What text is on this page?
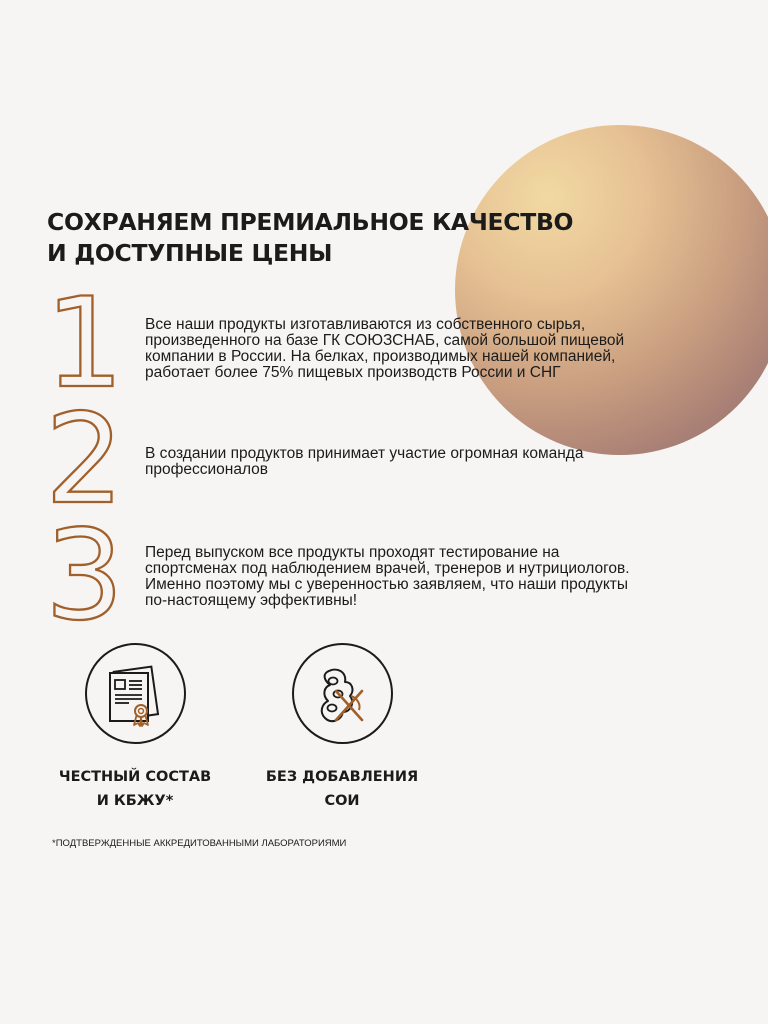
СОХРАНЯЕМ ПРЕМИАЛЬНОЕ КАЧЕСТВО
И ДОСТУПНЫЕ ЦЕНЫ
1 Все наши продукты изготавливаются из собственного сырья,
произведенного на базе ГК СОЮЗСНАБ, самой большой пищевой
компании в России. На белках, производимых нашей компанией,
работает более 75% пищевых производств России и СНГ
2 В создании продуктов принимает участие огромная команда
профессионалов
3 Перед выпуском все продукты проходят тестирование на
спортсменах под наблюдением врачей, тренеров и нутрициологов.
Именно поэтому мы с уверенностью заявляем, что наши продукты
по-настоящему эффективны!
ЧЕСТНЫЙ СОСТАВ
И КБЖУ*
БЕЗ ДОБАВЛЕНИЯ
СОИ
*ПОДТВЕРЖДЕННЫЕ АККРЕДИТОВАННЫМИ ЛАБОРАТОРИЯМИ
